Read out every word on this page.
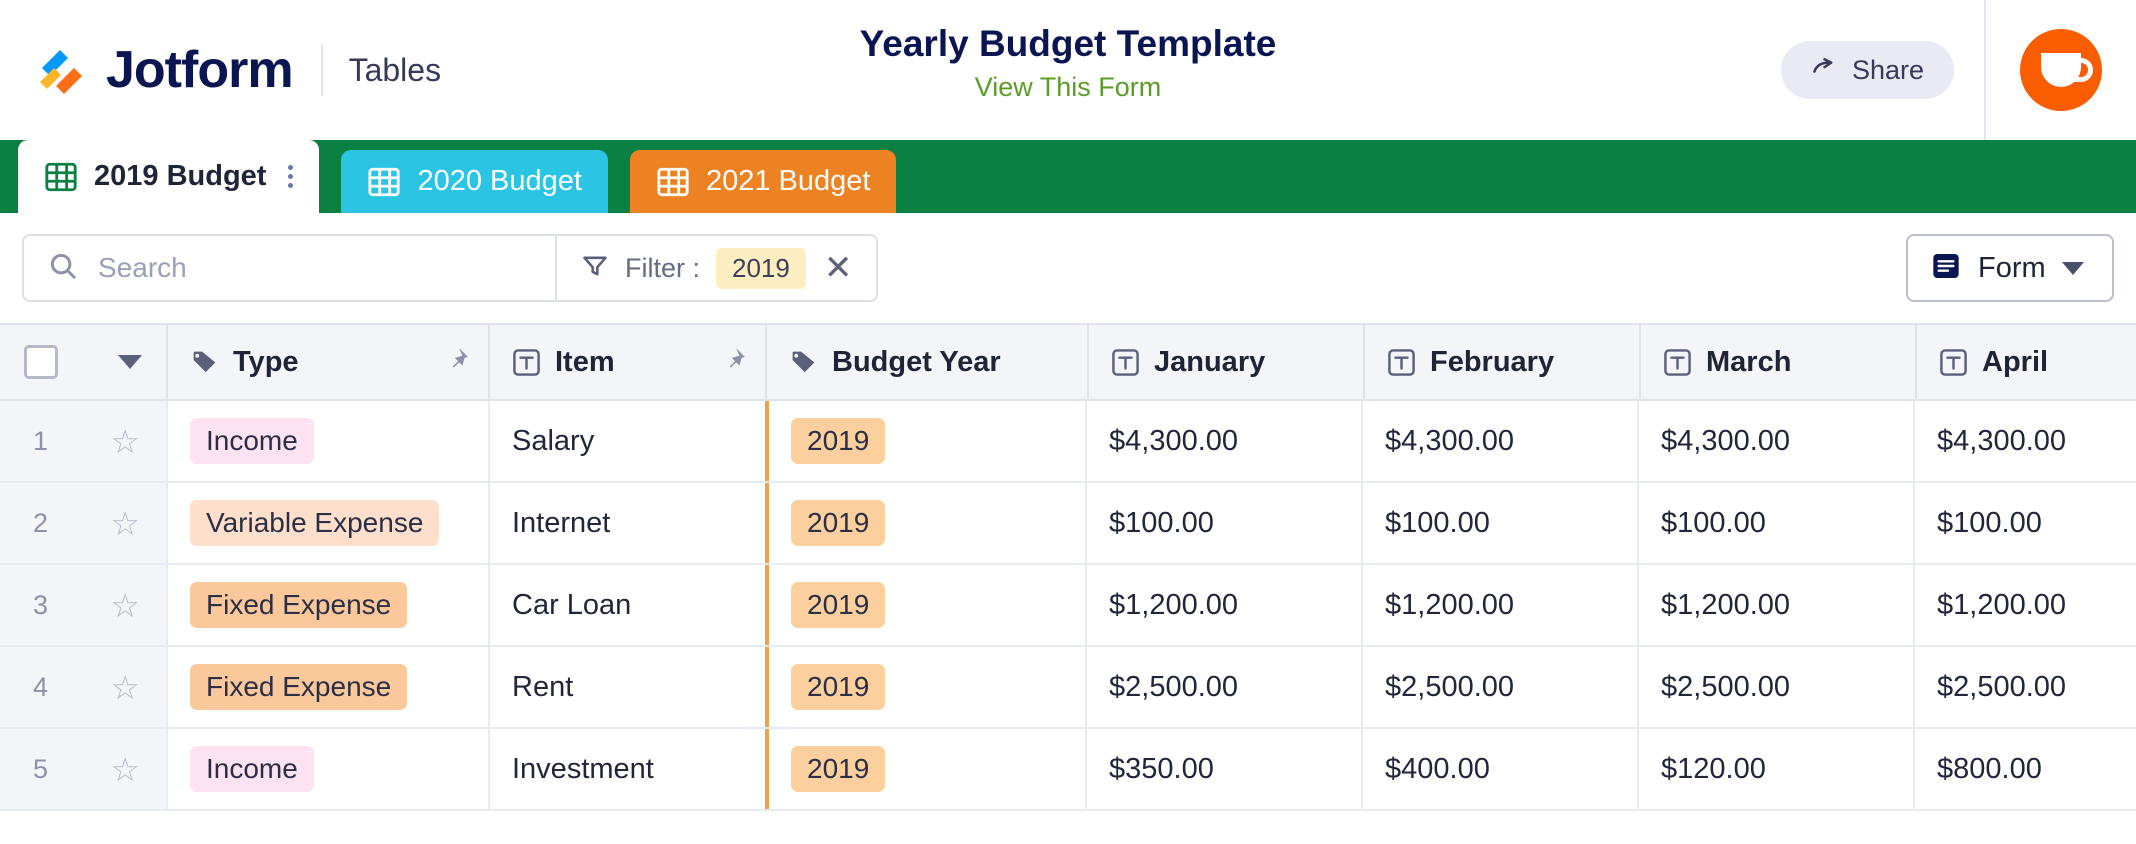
Jotform Tables
Yearly Budget Template
View This Form
Share
2019 Budget	2020 Budget	2021 Budget
Search
Filter :	2019	✕	Form
Type	Item	Budget Year	January	February	March	April
1 ☆	Income	Salary	2019	$4,300.00	$4,300.00	$4,300.00	$4,300.00
2 ☆	Variable Expense	Internet	2019	$100.00	$100.00	$100.00	$100.00
3 ☆	Fixed Expense	Car Loan	2019	$1,200.00	$1,200.00	$1,200.00	$1,200.00
4 ☆	Fixed Expense	Rent	2019	$2,500.00	$2,500.00	$2,500.00	$2,500.00
5 ☆	Income	Investment	2019	$350.00	$400.00	$120.00	$800.00
